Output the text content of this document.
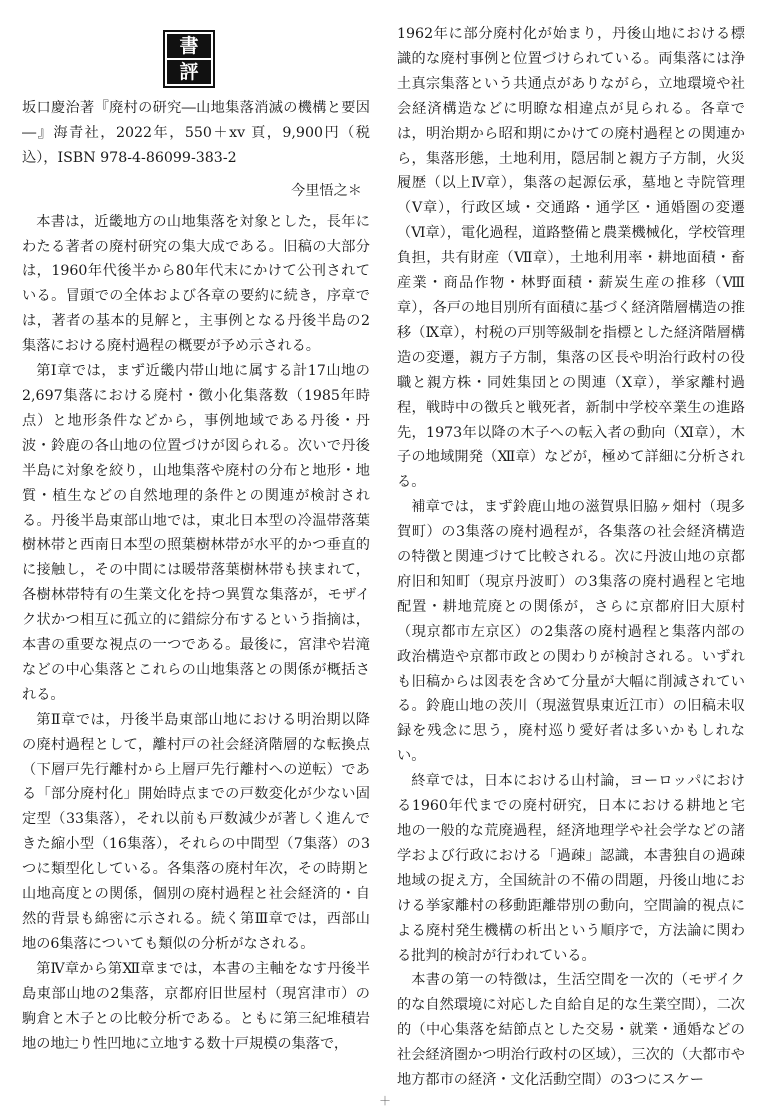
書
評

坂口慶治著『廃村の研究―山地集落消滅の機構と要因―』海青社，2022年，550＋xv 頁，9,900円（税込），ISBN 978-4-86099-383-2

今里悟之＊

本書は，近畿地方の山地集落を対象とした，長年にわたる著者の廃村研究の集大成である。旧稿の大部分は，1960年代後半から80年代末にかけて公刊されている。冒頭での全体および各章の要約に続き，序章では，著者の基本的見解と，主事例となる丹後半島の2集落における廃村過程の概要が予め示される。

第Ⅰ章では，まず近畿内帯山地に属する計17山地の2,697集落における廃村・徴小化集落数（1985年時点）と地形条件などから，事例地域である丹後・丹波・鈴鹿の各山地の位置づけが図られる。次いで丹後半島に対象を絞り，山地集落や廃村の分布と地形・地質・植生などの自然地理的条件との関連が検討される。丹後半島東部山地では，東北日本型の冷温帯落葉樹林帯と西南日本型の照葉樹林帯が水平的かつ垂直的に接触し，その中間には暖帯落葉樹林帯も挟まれて，各樹林帯特有の生業文化を持つ異質な集落が，モザイク状かつ相互に孤立的に錯綜分布するという指摘は，本書の重要な視点の一つである。最後に，宮津や岩滝などの中心集落とこれらの山地集落との関係が概括される。

第Ⅱ章では，丹後半島東部山地における明治期以降の廃村過程として，離村戸の社会経済階層的な転換点（下層戸先行離村から上層戸先行離村への逆転）である「部分廃村化」開始時点までの戸数変化が少ない固定型（33集落），それ以前も戸数減少が著しく進んできた縮小型（16集落），それらの中間型（7集落）の3つに類型化している。各集落の廃村年次，その時期と山地高度との関係，個別の廃村過程と社会経済的・自然的背景も綿密に示される。続く第Ⅲ章では，西部山地の6集落についても類似の分析がなされる。

第Ⅳ章から第Ⅻ章までは，本書の主軸をなす丹後半島東部山地の2集落，京都府旧世屋村（現宮津市）の駒倉と木子との比較分析である。ともに第三紀堆積岩地の地辷り性凹地に立地する数十戸規模の集落で，

1962年に部分廃村化が始まり，丹後山地における標識的な廃村事例と位置づけられている。両集落には浄土真宗集落という共通点がありながら，立地環境や社会経済構造などに明瞭な相違点が見られる。各章では，明治期から昭和期にかけての廃村過程との関連から，集落形態，土地利用，隠居制と親方子方制，火災履歴（以上Ⅳ章），集落の起源伝承，墓地と寺院管理（Ⅴ章），行政区域・交通路・通学区・通婚圏の変遷（Ⅵ章），電化過程，道路整備と農業機械化，学校管理負担，共有財産（Ⅶ章），土地利用率・耕地面積・畜産業・商品作物・林野面積・薪炭生産の推移（Ⅷ章），各戸の地目別所有面積に基づく経済階層構造の推移（Ⅸ章），村税の戸別等級制を指標とした経済階層構造の変遷，親方子方制，集落の区長や明治行政村の役職と親方株・同姓集団との関連（Ⅹ章），挙家離村過程，戦時中の徴兵と戦死者，新制中学校卒業生の進路先，1973年以降の木子への転入者の動向（Ⅺ章），木子の地域開発（Ⅻ章）などが，極めて詳細に分析される。

補章では，まず鈴鹿山地の滋賀県旧脇ヶ畑村（現多賀町）の3集落の廃村過程が，各集落の社会経済構造の特徴と関連づけて比較される。次に丹波山地の京都府旧和知町（現京丹波町）の3集落の廃村過程と宅地配置・耕地荒廃との関係が，さらに京都府旧大原村（現京都市左京区）の2集落の廃村過程と集落内部の政治構造や京都市政との関わりが検討される。いずれも旧稿からは図表を含めて分量が大幅に削減されている。鈴鹿山地の茨川（現滋賀県東近江市）の旧稿未収録を残念に思う，廃村巡り愛好者は多いかもしれない。

終章では，日本における山村論，ヨーロッパにおける1960年代までの廃村研究，日本における耕地と宅地の一般的な荒廃過程，経済地理学や社会学などの諸学および行政における「過疎」認識，本書独自の過疎地域の捉え方，全国統計の不備の問題，丹後山地における挙家離村の移動距離帯別の動向，空間論的視点による廃村発生機構の析出という順序で，方法論に関わる批判的検討が行われている。

本書の第一の特徴は，生活空間を一次的（モザイク的な自然環境に対応した自給自足的な生業空間），二次的（中心集落を結節点とした交易・就業・通婚などの社会経済圏かつ明治行政村の区域），三次的（大都市や地方都市の経済・文化活動空間）の3つにスケー

＋
